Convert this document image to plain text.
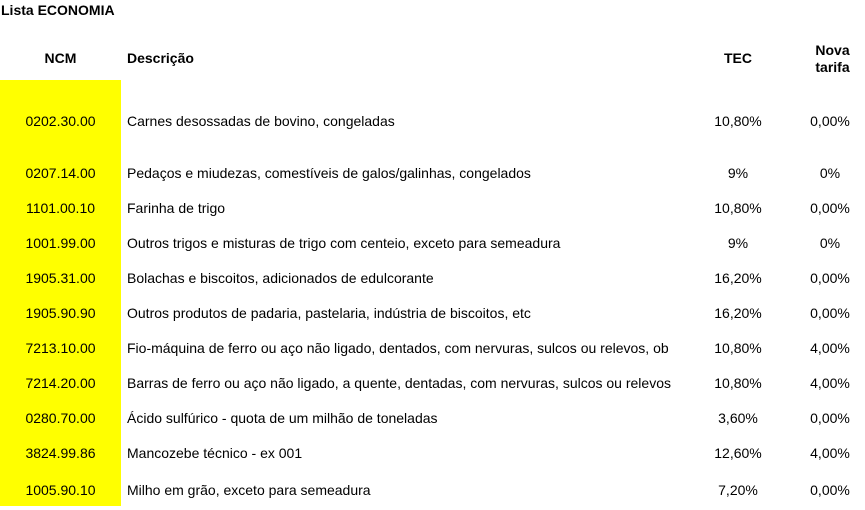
Lista ECONOMIA
NCM	Descrição	TEC	Nova
tarifa
0202.30.00	Carnes desossadas de bovino, congeladas	10,80%	0,00%
0207.14.00	Pedaços e miudezas, comestíveis de galos/galinhas, congelados	9%	0%
1101.00.10	Farinha de trigo	10,80%	0,00%
1001.99.00	Outros trigos e misturas de trigo com centeio, exceto para semeadura	9%	0%
1905.31.00	Bolachas e biscoitos, adicionados de edulcorante	16,20%	0,00%
1905.90.90	Outros produtos de padaria, pastelaria, indústria de biscoitos, etc	16,20%	0,00%
7213.10.00	Fio-máquina de ferro ou aço não ligado, dentados, com nervuras, sulcos ou relevos, ob	10,80%	4,00%
7214.20.00	Barras de ferro ou aço não ligado, a quente, dentadas, com nervuras, sulcos ou relevos	10,80%	4,00%
0280.70.00	Ácido sulfúrico - quota de um milhão de toneladas	3,60%	0,00%
3824.99.86	Mancozebe técnico - ex 001	12,60%	4,00%
1005.90.10	Milho em grão, exceto para semeadura	7,20%	0,00%
